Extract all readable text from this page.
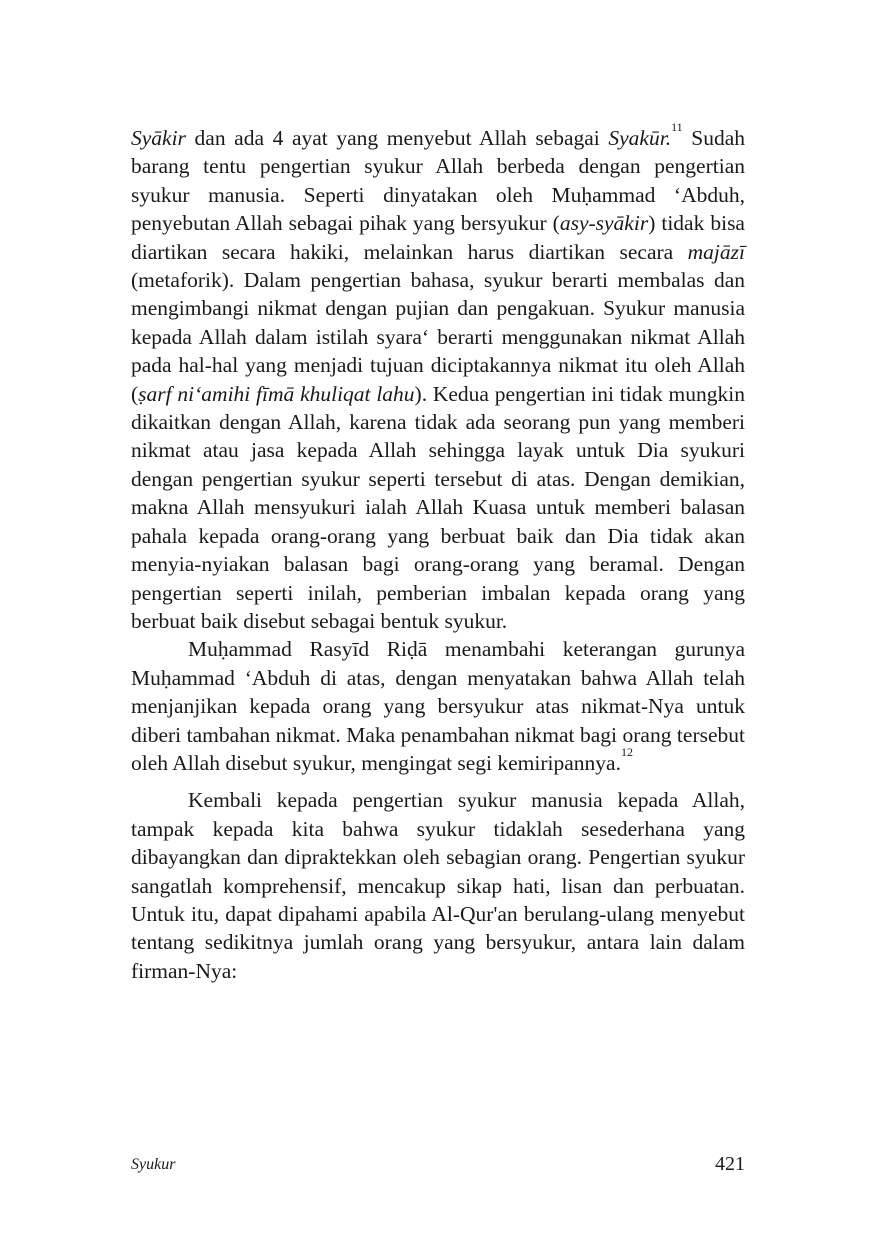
Syākir dan ada 4 ayat yang menyebut Allah sebagai Syakūr.$^{11}$ Sudah barang tentu pengertian syukur Allah berbeda dengan pengertian syukur manusia. Seperti dinyatakan oleh Muḥammad ‘Abduh, penyebutan Allah sebagai pihak yang bersyukur (asy-syākir) tidak bisa diartikan secara hakiki, melainkan harus diartikan secara majāzī (metaforik). Dalam pengertian bahasa, syukur berarti membalas dan mengimbangi nikmat dengan pujian dan pengakuan. Syukur manusia kepada Allah dalam istilah syara‘ berarti menggunakan nikmat Allah pada hal-hal yang menjadi tujuan diciptakannya nikmat itu oleh Allah (ṣarf ni‘amihi fīmā khuliqat lahu). Kedua pengertian ini tidak mungkin dikaitkan dengan Allah, karena tidak ada seorang pun yang memberi nikmat atau jasa kepada Allah sehingga layak untuk Dia syukuri dengan pengertian syukur seperti tersebut di atas. Dengan demikian, makna Allah mensyukuri ialah Allah Kuasa untuk memberi balasan pahala kepada orang-orang yang berbuat baik dan Dia tidak akan menyia-nyiakan balasan bagi orang-orang yang beramal. Dengan pengertian seperti inilah, pemberian imbalan kepada orang yang berbuat baik disebut sebagai bentuk syukur.

Muḥammad Rasyīd Riḍā menambahi keterangan gurunya Muḥammad ‘Abduh di atas, dengan menyatakan bahwa Allah telah menjanjikan kepada orang yang bersyukur atas nikmat-Nya untuk diberi tambahan nikmat. Maka penambahan nikmat bagi orang tersebut oleh Allah disebut syukur, mengingat segi kemiripannya.$^{12}$

Kembali kepada pengertian syukur manusia kepada Allah, tampak kepada kita bahwa syukur tidaklah sesederhana yang dibayangkan dan dipraktekkan oleh sebagian orang. Pengertian syukur sangatlah komprehensif, mencakup sikap hati, lisan dan perbuatan. Untuk itu, dapat dipahami apabila Al-Qur'an berulang-ulang menyebut tentang sedikitnya jumlah orang yang bersyukur, antara lain dalam firman-Nya:

Syukur	421
